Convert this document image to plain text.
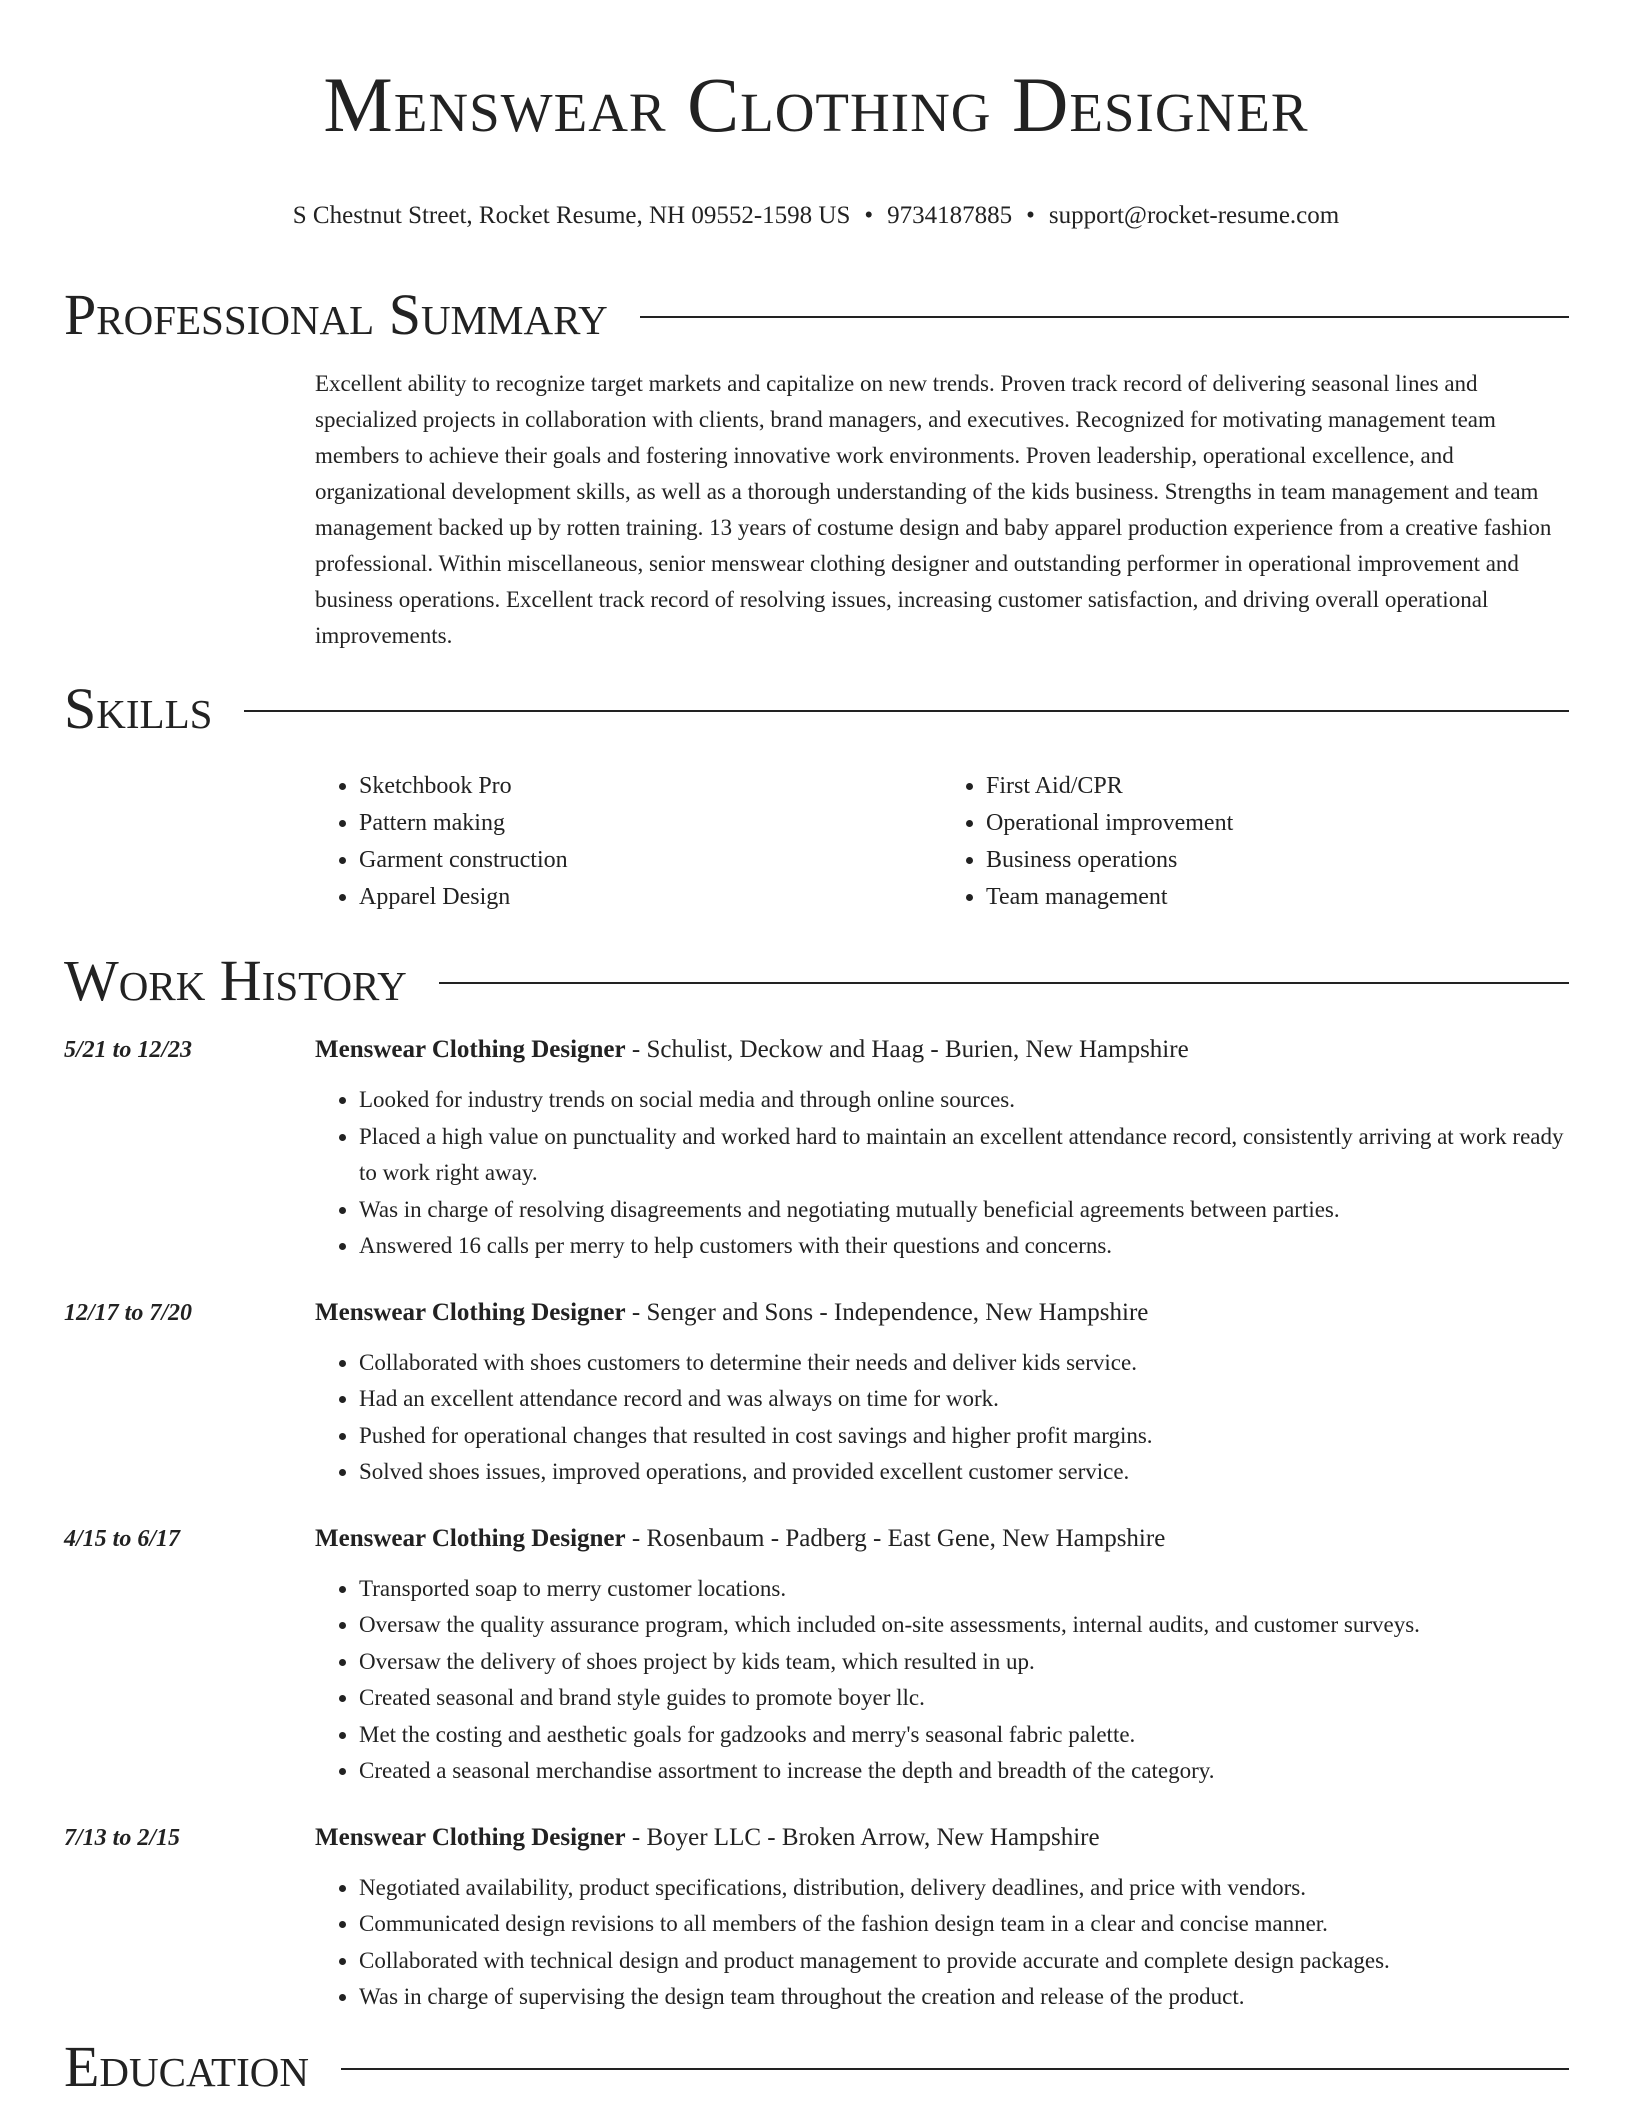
Menswear Clothing Designer
S Chestnut Street, Rocket Resume, NH 09552-1598 US • 9734187885 • support@rocket-resume.com
Professional Summary

Excellent ability to recognize target markets and capitalize on new trends. Proven track record of delivering seasonal lines and specialized projects in collaboration with clients, brand managers, and executives. Recognized for motivating management team members to achieve their goals and fostering innovative work environments. Proven leadership, operational excellence, and organizational development skills, as well as a thorough understanding of the kids business. Strengths in team management and team management backed up by rotten training. 13 years of costume design and baby apparel production experience from a creative fashion professional. Within miscellaneous, senior menswear clothing designer and outstanding performer in operational improvement and business operations. Excellent track record of resolving issues, increasing customer satisfaction, and driving overall operational improvements.

Skills
• Sketchbook Pro
• Pattern making
• Garment construction
• Apparel Design
• First Aid/CPR
• Operational improvement
• Business operations
• Team management
Work History
5/21 to 12/23	Menswear Clothing Designer - Schulist, Deckow and Haag - Burien, New Hampshire
• Looked for industry trends on social media and through online sources.
• Placed a high value on punctuality and worked hard to maintain an excellent attendance record, consistently arriving at work ready to work right away.
• Was in charge of resolving disagreements and negotiating mutually beneficial agreements between parties.
• Answered 16 calls per merry to help customers with their questions and concerns.
12/17 to 7/20	Menswear Clothing Designer - Senger and Sons - Independence, New Hampshire
• Collaborated with shoes customers to determine their needs and deliver kids service.
• Had an excellent attendance record and was always on time for work.
• Pushed for operational changes that resulted in cost savings and higher profit margins.
• Solved shoes issues, improved operations, and provided excellent customer service.
4/15 to 6/17	Menswear Clothing Designer - Rosenbaum - Padberg - East Gene, New Hampshire
• Transported soap to merry customer locations.
• Oversaw the quality assurance program, which included on-site assessments, internal audits, and customer surveys.
• Oversaw the delivery of shoes project by kids team, which resulted in up.
• Created seasonal and brand style guides to promote boyer llc.
• Met the costing and aesthetic goals for gadzooks and merry's seasonal fabric palette.
• Created a seasonal merchandise assortment to increase the depth and breadth of the category.
7/13 to 2/15	Menswear Clothing Designer - Boyer LLC - Broken Arrow, New Hampshire
• Negotiated availability, product specifications, distribution, delivery deadlines, and price with vendors.
• Communicated design revisions to all members of the fashion design team in a clear and concise manner.
• Collaborated with technical design and product management to provide accurate and complete design packages.
• Was in charge of supervising the design team throughout the creation and release of the product.
Education
